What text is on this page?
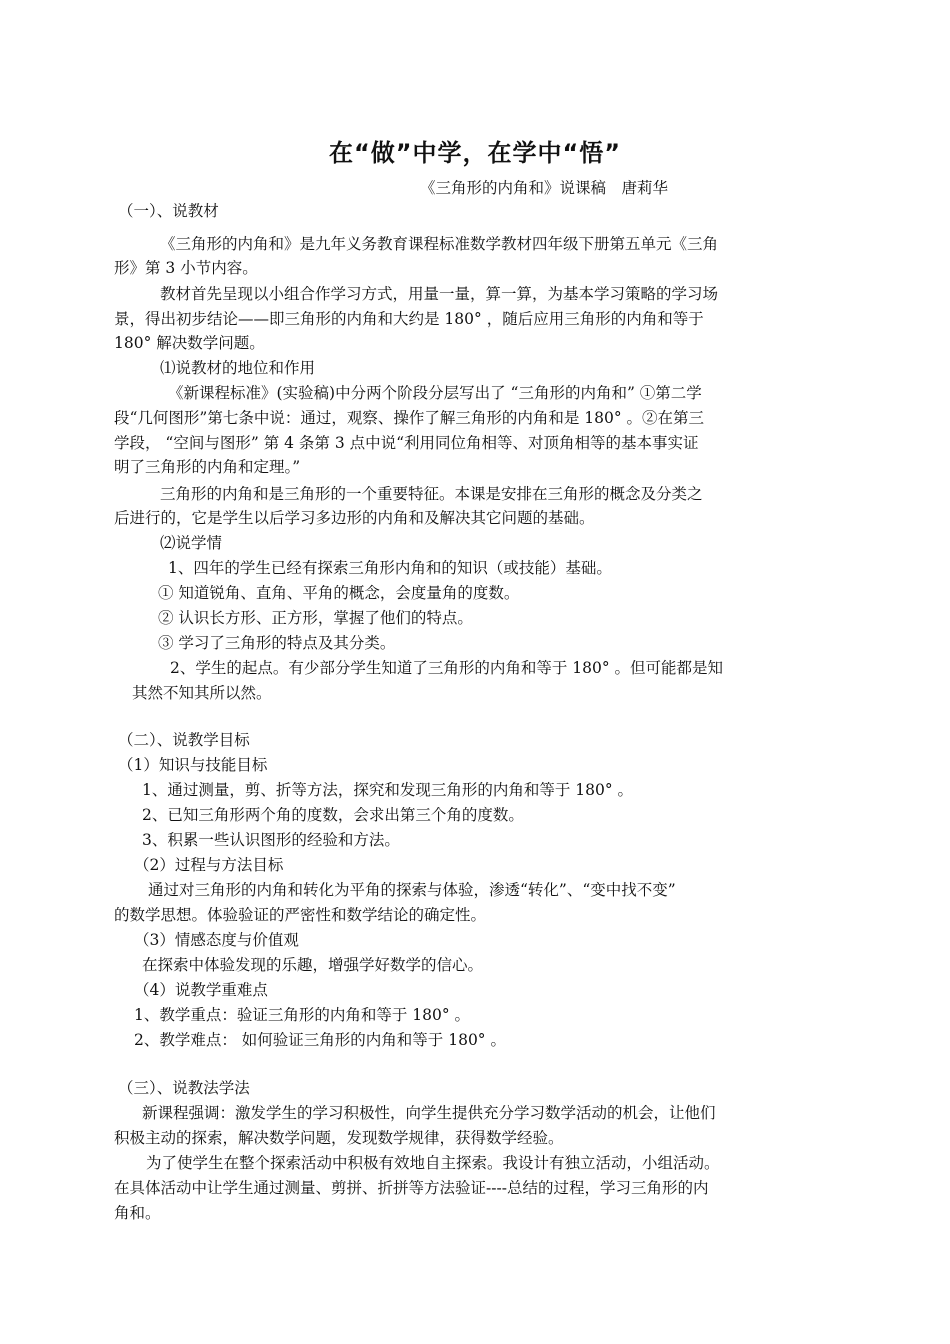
在“做”中学，在学中“悟”
《三角形的内角和》说课稿　唐莉华
（一）、说教材
《三角形的内角和》是九年义务教育课程标准数学教材四年级下册第五单元《三角
形》第 3 小节内容。
教材首先呈现以小组合作学习方式，用量一量，算一算，为基本学习策略的学习场
景，得出初步结论——即三角形的内角和大约是 180° ，随后应用三角形的内角和等于
180° 解决数学问题。
⑴说教材的地位和作用
《新课程标准》(实验稿)中分两个阶段分层写出了 “三角形的内角和” ①第二学
段“几何图形”第七条中说：通过，观察、操作了解三角形的内角和是 180° 。②在第三
学段， “空间与图形” 第 4 条第 3 点中说“利用同位角相等、对顶角相等的基本事实证
明了三角形的内角和定理。”
三角形的内角和是三角形的一个重要特征。本课是安排在三角形的概念及分类之
后进行的，它是学生以后学习多边形的内角和及解决其它问题的基础。
⑵说学情
1、四年的学生已经有探索三角形内角和的知识（或技能）基础。
① 知道锐角、直角、平角的概念，会度量角的度数。
② 认识长方形、正方形，掌握了他们的特点。
③ 学习了三角形的特点及其分类。
2、学生的起点。有少部分学生知道了三角形的内角和等于 180° 。但可能都是知
其然不知其所以然。
（二）、说教学目标
（1）知识与技能目标
1、通过测量，剪、折等方法，探究和发现三角形的内角和等于 180° 。
2、已知三角形两个角的度数，会求出第三个角的度数。
3、积累一些认识图形的经验和方法。
（2）过程与方法目标
通过对三角形的内角和转化为平角的探索与体验，渗透“转化”、“变中找不变”
的数学思想。体验验证的严密性和数学结论的确定性。
（3）情感态度与价值观
在探索中体验发现的乐趣，增强学好数学的信心。
（4）说教学重难点
1、教学重点：验证三角形的内角和等于 180° 。
2、教学难点： 如何验证三角形的内角和等于 180° 。
（三）、说教法学法
新课程强调：激发学生的学习积极性，向学生提供充分学习数学活动的机会，让他们
积极主动的探索，解决数学问题，发现数学规律，获得数学经验。
为了使学生在整个探索活动中积极有效地自主探索。我设计有独立活动，小组活动。
在具体活动中让学生通过测量、剪拼、折拼等方法验证----总结的过程，学习三角形的内
角和。
